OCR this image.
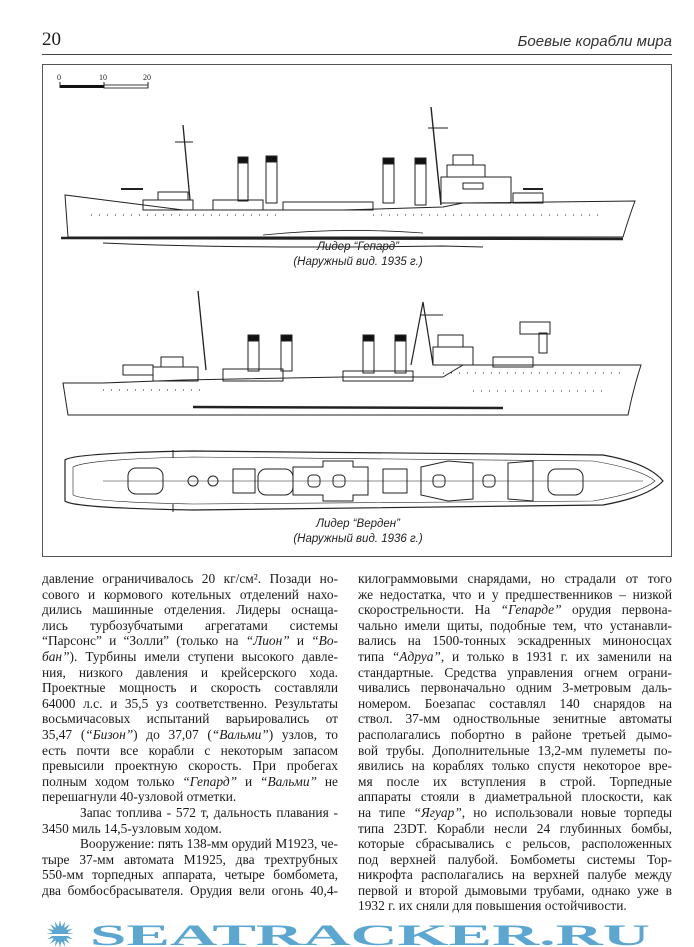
20	Боевые корабли мира
0	10	20
Лидер “Гепард”
(Наружный вид. 1935 г.)
Лидер “Верден”
(Наружный вид. 1936 г.)
давление ограничивалось 20 кг/см². Позади но-
сового и кормового котельных отделений нахо-
дились машинные отделения. Лидеры оснаща-
лись турбозубчатыми агрегатами системы
“Парсонс” и “Золли” (только на “Лион” и “Во-
бан”). Турбины имели ступени высокого давле-
ния, низкого давления и крейсерского хода.
Проектные мощность и скорость составляли
64000 л.с. и 35,5 уз соответственно. Результаты
восьмичасовых испытаний варьировались от
35,47 (“Бизон”) до 37,07 (“Вальми”) узлов, то
есть почти все корабли с некоторым запасом
превысили проектную скорость. При пробегах
полным ходом только “Гепард” и “Вальми” не
перешагнули 40-узловой отметки.
Запас топлива - 572 т, дальность плавания -
3450 миль 14,5-узловым ходом.
Вооружение: пять 138-мм орудий М1923, че-
тыре 37-мм автомата М1925, два трехтрубных
550-мм торпедных аппарата, четыре бомбомета,
два бомбосбрасывателя. Орудия вели огонь 40,4-
килограммовыми снарядами, но страдали от того
же недостатка, что и у предшественников – низкой
скорострельности. На “Гепарде” орудия первона-
чально имели щиты, подобные тем, что устанавли-
вались на 1500-тонных эскадренных миноносцах
типа “Адруа”, и только в 1931 г. их заменили на
стандартные. Средства управления огнем ограни-
чивались первоначально одним 3-метровым даль-
номером. Боезапас составлял 140 снарядов на
ствол. 37-мм одноствольные зенитные автоматы
располагались побортно в районе третьей дымо-
вой трубы. Дополнительные 13,2-мм пулеметы по-
явились на кораблях только спустя некоторое вре-
мя после их вступления в строй. Торпедные
аппараты стояли в диаметральной плоскости, как
на типе “Ягуар”, но использовали новые торпеды
типа 23DT. Корабли несли 24 глубинных бомбы,
которые сбрасывались с рельсов, расположенных
под верхней палубой. Бомбометы системы Тор-
никрофта располагались на верхней палубе между
первой и второй дымовыми трубами, однако уже в
1932 г. их сняли для повышения остойчивости.
SEATRACKER.RU
